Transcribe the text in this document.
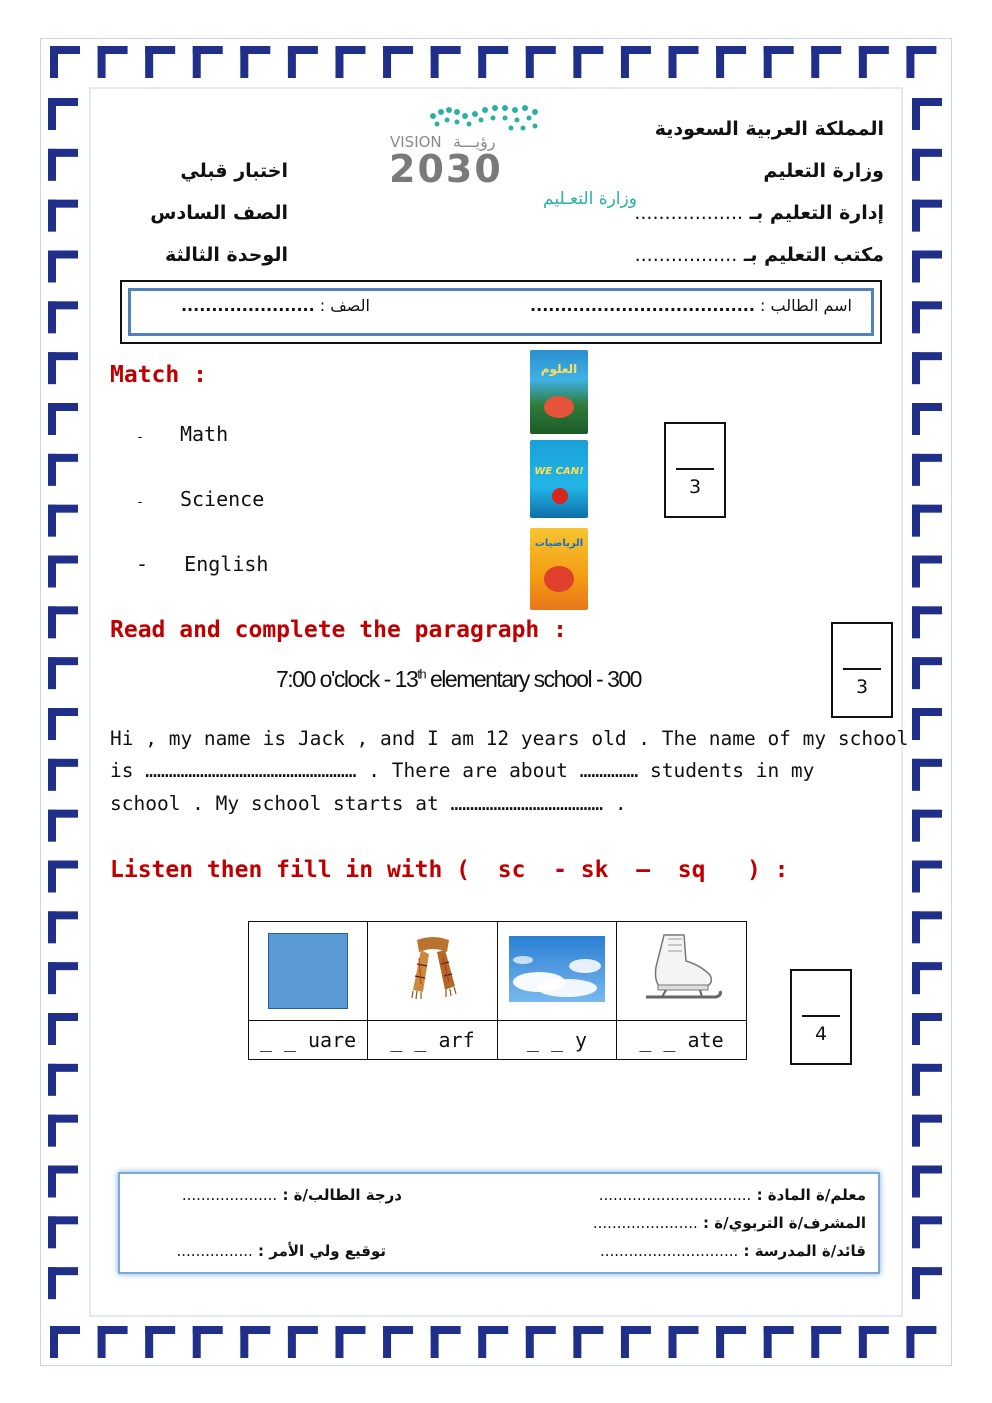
المملكة العربية السعودية
وزارة التعليم
إدارة التعليم بـ ..................
مكتب التعليم بـ .................
اختبار قبلي
الصف السادس
الوحدة الثالثة
VISION رؤيـــة
2030
وزارة التعـليم
اسم الطالب : .....................................
الصف : ......................
Match :
- Math
- Science
- English
العلوم
WE CAN!
الرياضيات
3
Read and complete the paragraph :
7:00 o'clock - 13th elementary school - 300	3
Hi , my name is Jack , and I am 12 years old . The name of my school
is ……………………………………………… . There are about …………… students in my
school . My school starts at ………………………………… .
Listen then fill in with (  sc  - sk  –  sq   ) :

_ _ uare	_ _ arf	_ _ y	_ _ ate	4
معلم/ة المادة : ................................
المشرف/ة التربوي/ة : ......................
قائد/ة المدرسة : .............................
درجة الطالب/ة : ....................
توقيع ولي الأمر : ................
